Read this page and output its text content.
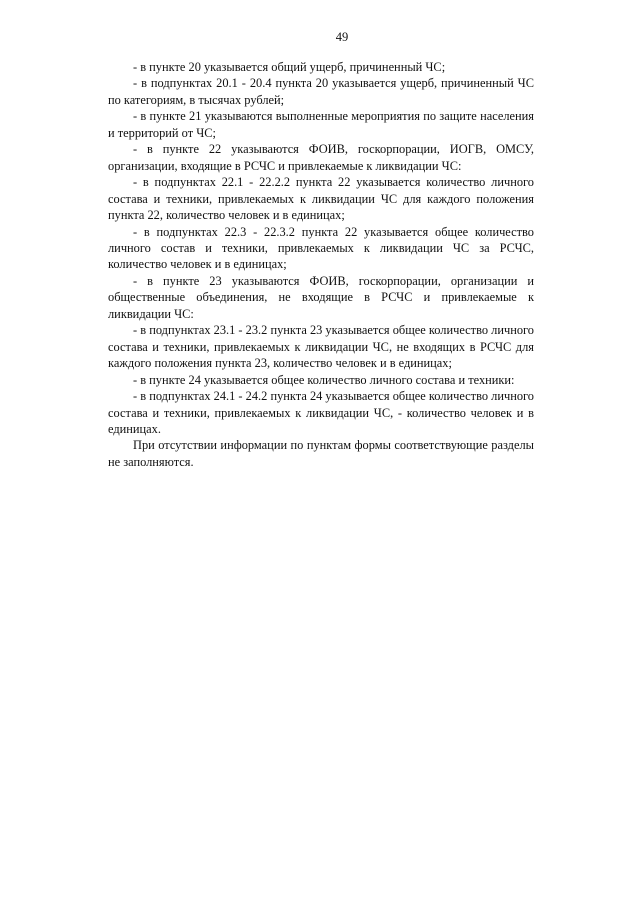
49

- в пункте 20 указывается общий ущерб, причиненный ЧС;

- в подпунктах 20.1 - 20.4 пункта 20 указывается ущерб, причиненный ЧС по категориям, в тысячах рублей;

- в пункте 21 указываются выполненные мероприятия по защите населения и территорий от ЧС;

- в пункте 22 указываются ФОИВ, госкорпорации, ИОГВ, ОМСУ, организации, входящие в РСЧС и привлекаемые к ликвидации ЧС:

- в подпунктах 22.1 - 22.2.2 пункта 22 указывается количество личного состава и техники, привлекаемых к ликвидации ЧС для каждого положения пункта 22, количество человек и в единицах;

- в подпунктах 22.3 - 22.3.2 пункта 22 указывается общее количество личного состав и техники, привлекаемых к ликвидации ЧС за РСЧС, количество человек и в единицах;

- в пункте 23 указываются ФОИВ, госкорпорации, организации и общественные объединения, не входящие в РСЧС и привлекаемые к ликвидации ЧС:

- в подпунктах 23.1 - 23.2 пункта 23 указывается общее количество личного состава и техники, привлекаемых к ликвидации ЧС, не входящих в РСЧС для каждого положения пункта 23, количество человек и в единицах;

- в пункте 24 указывается общее количество личного состава и техники:

- в подпунктах 24.1 - 24.2 пункта 24 указывается общее количество личного состава и техники, привлекаемых к ликвидации ЧС, - количество человек и в единицах.

При отсутствии информации по пунктам формы соответствующие разделы не заполняются.
